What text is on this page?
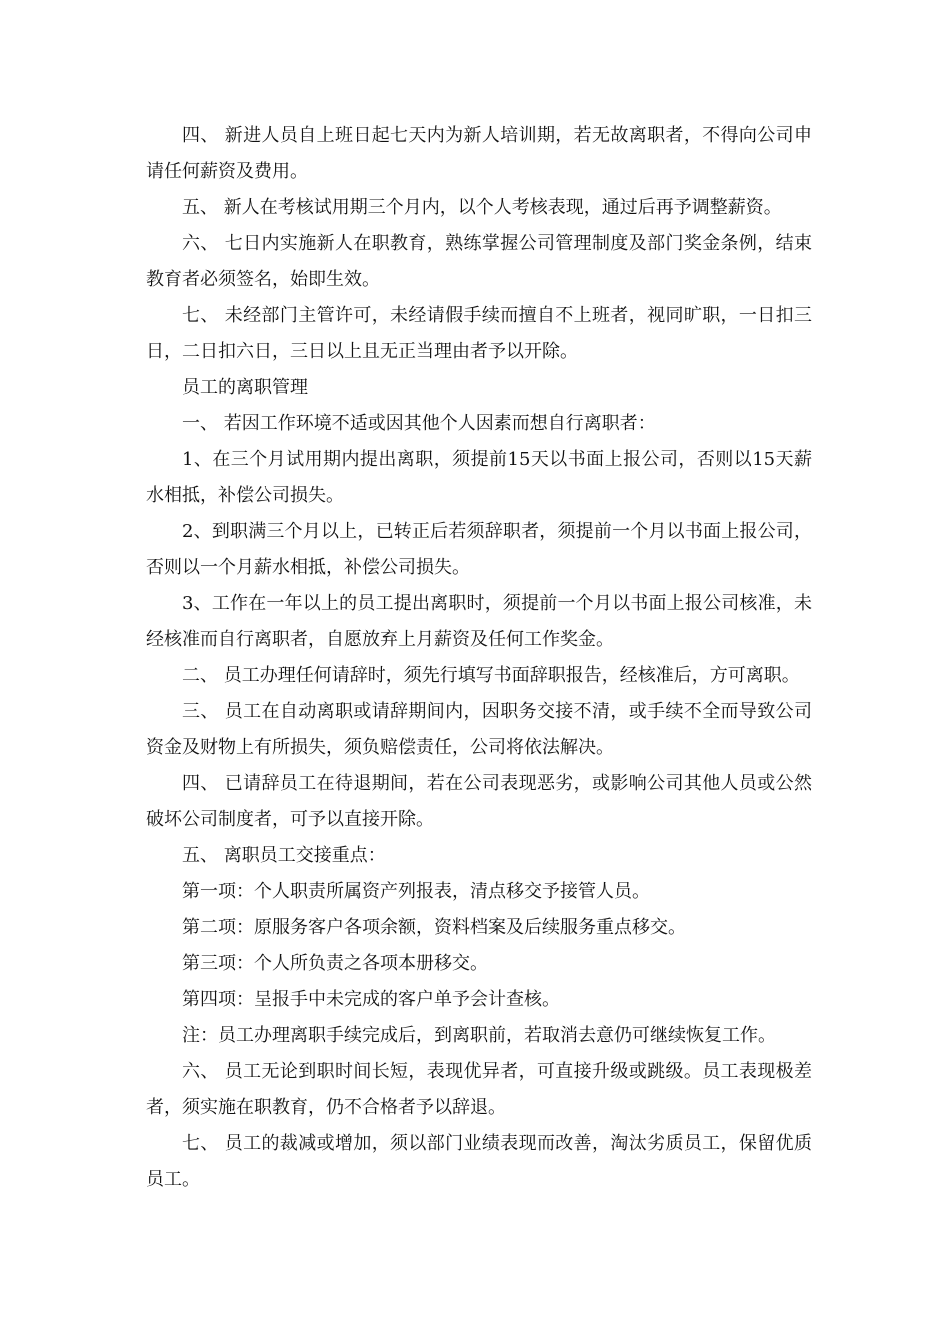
四、 新进人员自上班日起七天内为新人培训期，若无故离职者，不得向公司申请任何薪资及费用。

五、 新人在考核试用期三个月内，以个人考核表现，通过后再予调整薪资。

六、 七日内实施新人在职教育，熟练掌握公司管理制度及部门奖金条例，结束教育者必须签名，始即生效。

七、 未经部门主管许可，未经请假手续而擅自不上班者，视同旷职，一日扣三日，二日扣六日，三日以上且无正当理由者予以开除。

员工的离职管理

一、 若因工作环境不适或因其他个人因素而想自行离职者：

1、在三个月试用期内提出离职，须提前15天以书面上报公司，否则以15天薪水相抵，补偿公司损失。

2、到职满三个月以上，已转正后若须辞职者，须提前一个月以书面上报公司，否则以一个月薪水相抵，补偿公司损失。

3、工作在一年以上的员工提出离职时，须提前一个月以书面上报公司核准，未经核准而自行离职者，自愿放弃上月薪资及任何工作奖金。

二、 员工办理任何请辞时，须先行填写书面辞职报告，经核准后，方可离职。

三、 员工在自动离职或请辞期间内，因职务交接不清，或手续不全而导致公司资金及财物上有所损失，须负赔偿责任，公司将依法解决。

四、 已请辞员工在待退期间，若在公司表现恶劣，或影响公司其他人员或公然破坏公司制度者，可予以直接开除。

五、 离职员工交接重点：

第一项：个人职责所属资产列报表，清点移交予接管人员。

第二项：原服务客户各项余额，资料档案及后续服务重点移交。

第三项：个人所负责之各项本册移交。

第四项：呈报手中未完成的客户单予会计查核。

注：员工办理离职手续完成后，到离职前，若取消去意仍可继续恢复工作。

六、 员工无论到职时间长短，表现优异者，可直接升级或跳级。员工表现极差者，须实施在职教育，仍不合格者予以辞退。

七、 员工的裁减或增加，须以部门业绩表现而改善，淘汰劣质员工，保留优质员工。
